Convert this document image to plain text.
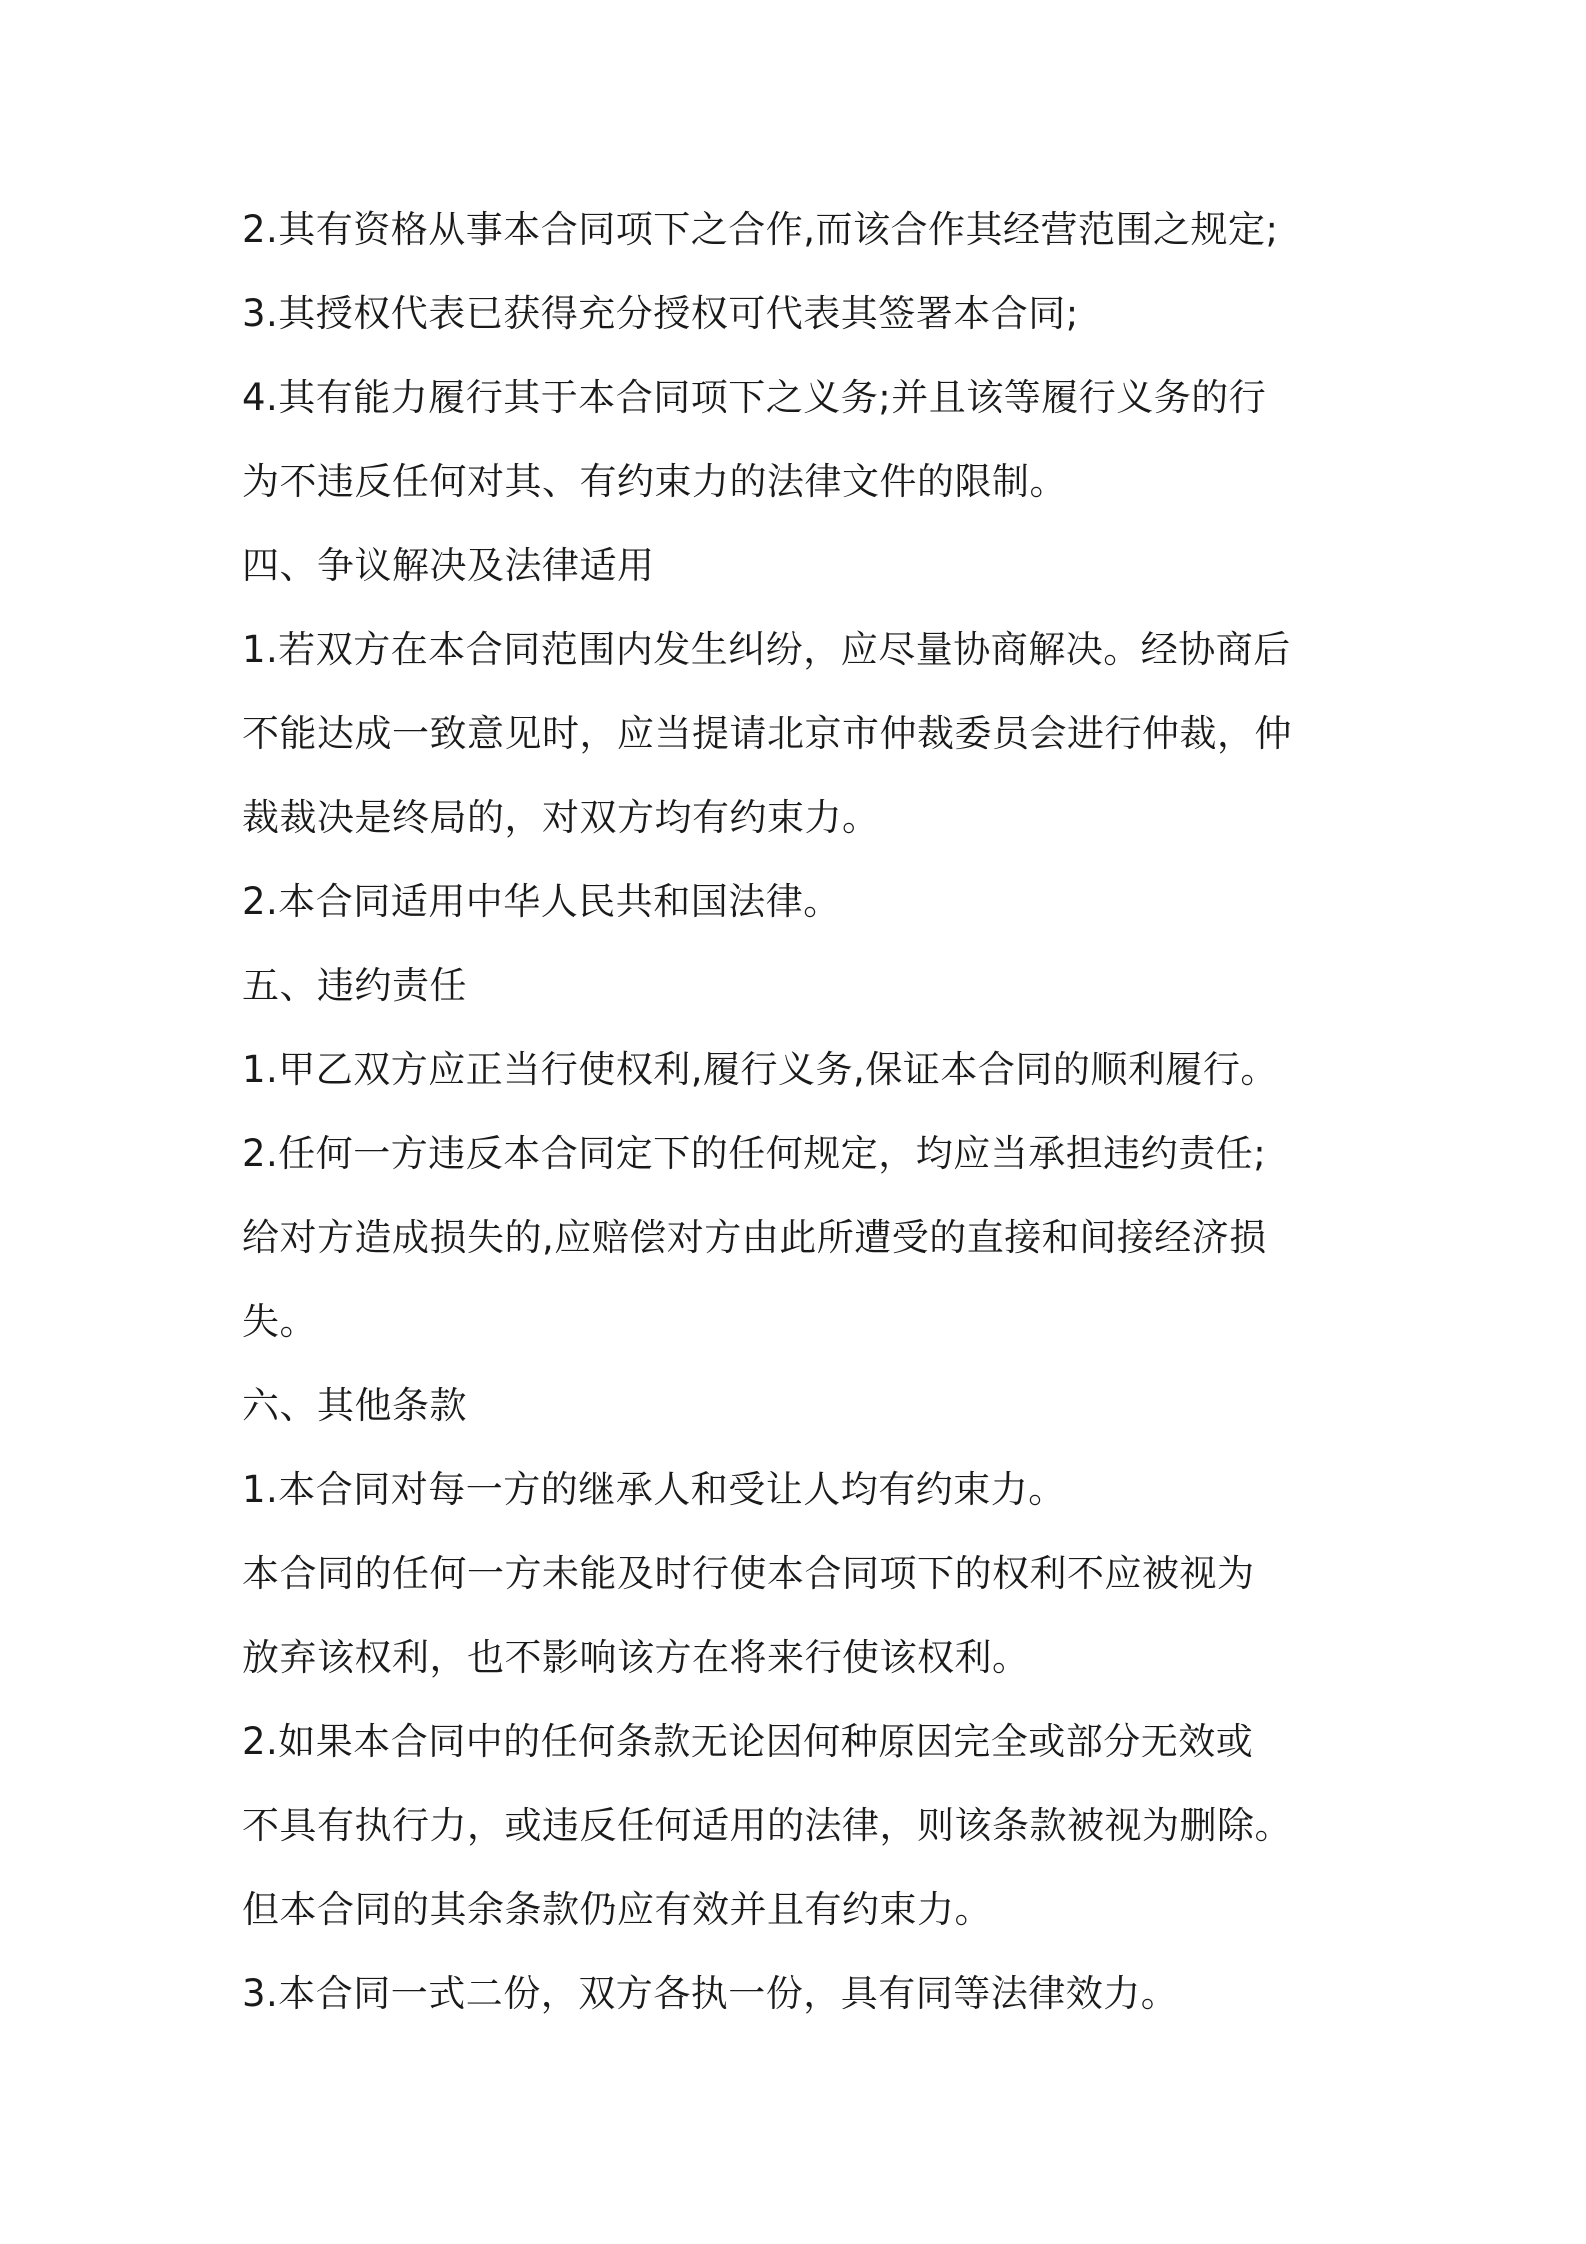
2.其有资格从事本合同项下之合作,而该合作其经营范围之规定;
3.其授权代表已获得充分授权可代表其签署本合同;
4.其有能力履行其于本合同项下之义务;并且该等履行义务的行
为不违反任何对其、有约束力的法律文件的限制。
四、争议解决及法律适用
1.若双方在本合同范围内发生纠纷，应尽量协商解决。经协商后
不能达成一致意见时，应当提请北京市仲裁委员会进行仲裁，仲
裁裁决是终局的，对双方均有约束力。
2.本合同适用中华人民共和国法律。
五、违约责任
1.甲乙双方应正当行使权利,履行义务,保证本合同的顺利履行。
2.任何一方违反本合同定下的任何规定，均应当承担违约责任;
给对方造成损失的,应赔偿对方由此所遭受的直接和间接经济损
失。
六、其他条款
1.本合同对每一方的继承人和受让人均有约束力。
本合同的任何一方未能及时行使本合同项下的权利不应被视为
放弃该权利，也不影响该方在将来行使该权利。
2.如果本合同中的任何条款无论因何种原因完全或部分无效或
不具有执行力，或违反任何适用的法律，则该条款被视为删除。
但本合同的其余条款仍应有效并且有约束力。
3.本合同一式二份，双方各执一份，具有同等法律效力。
